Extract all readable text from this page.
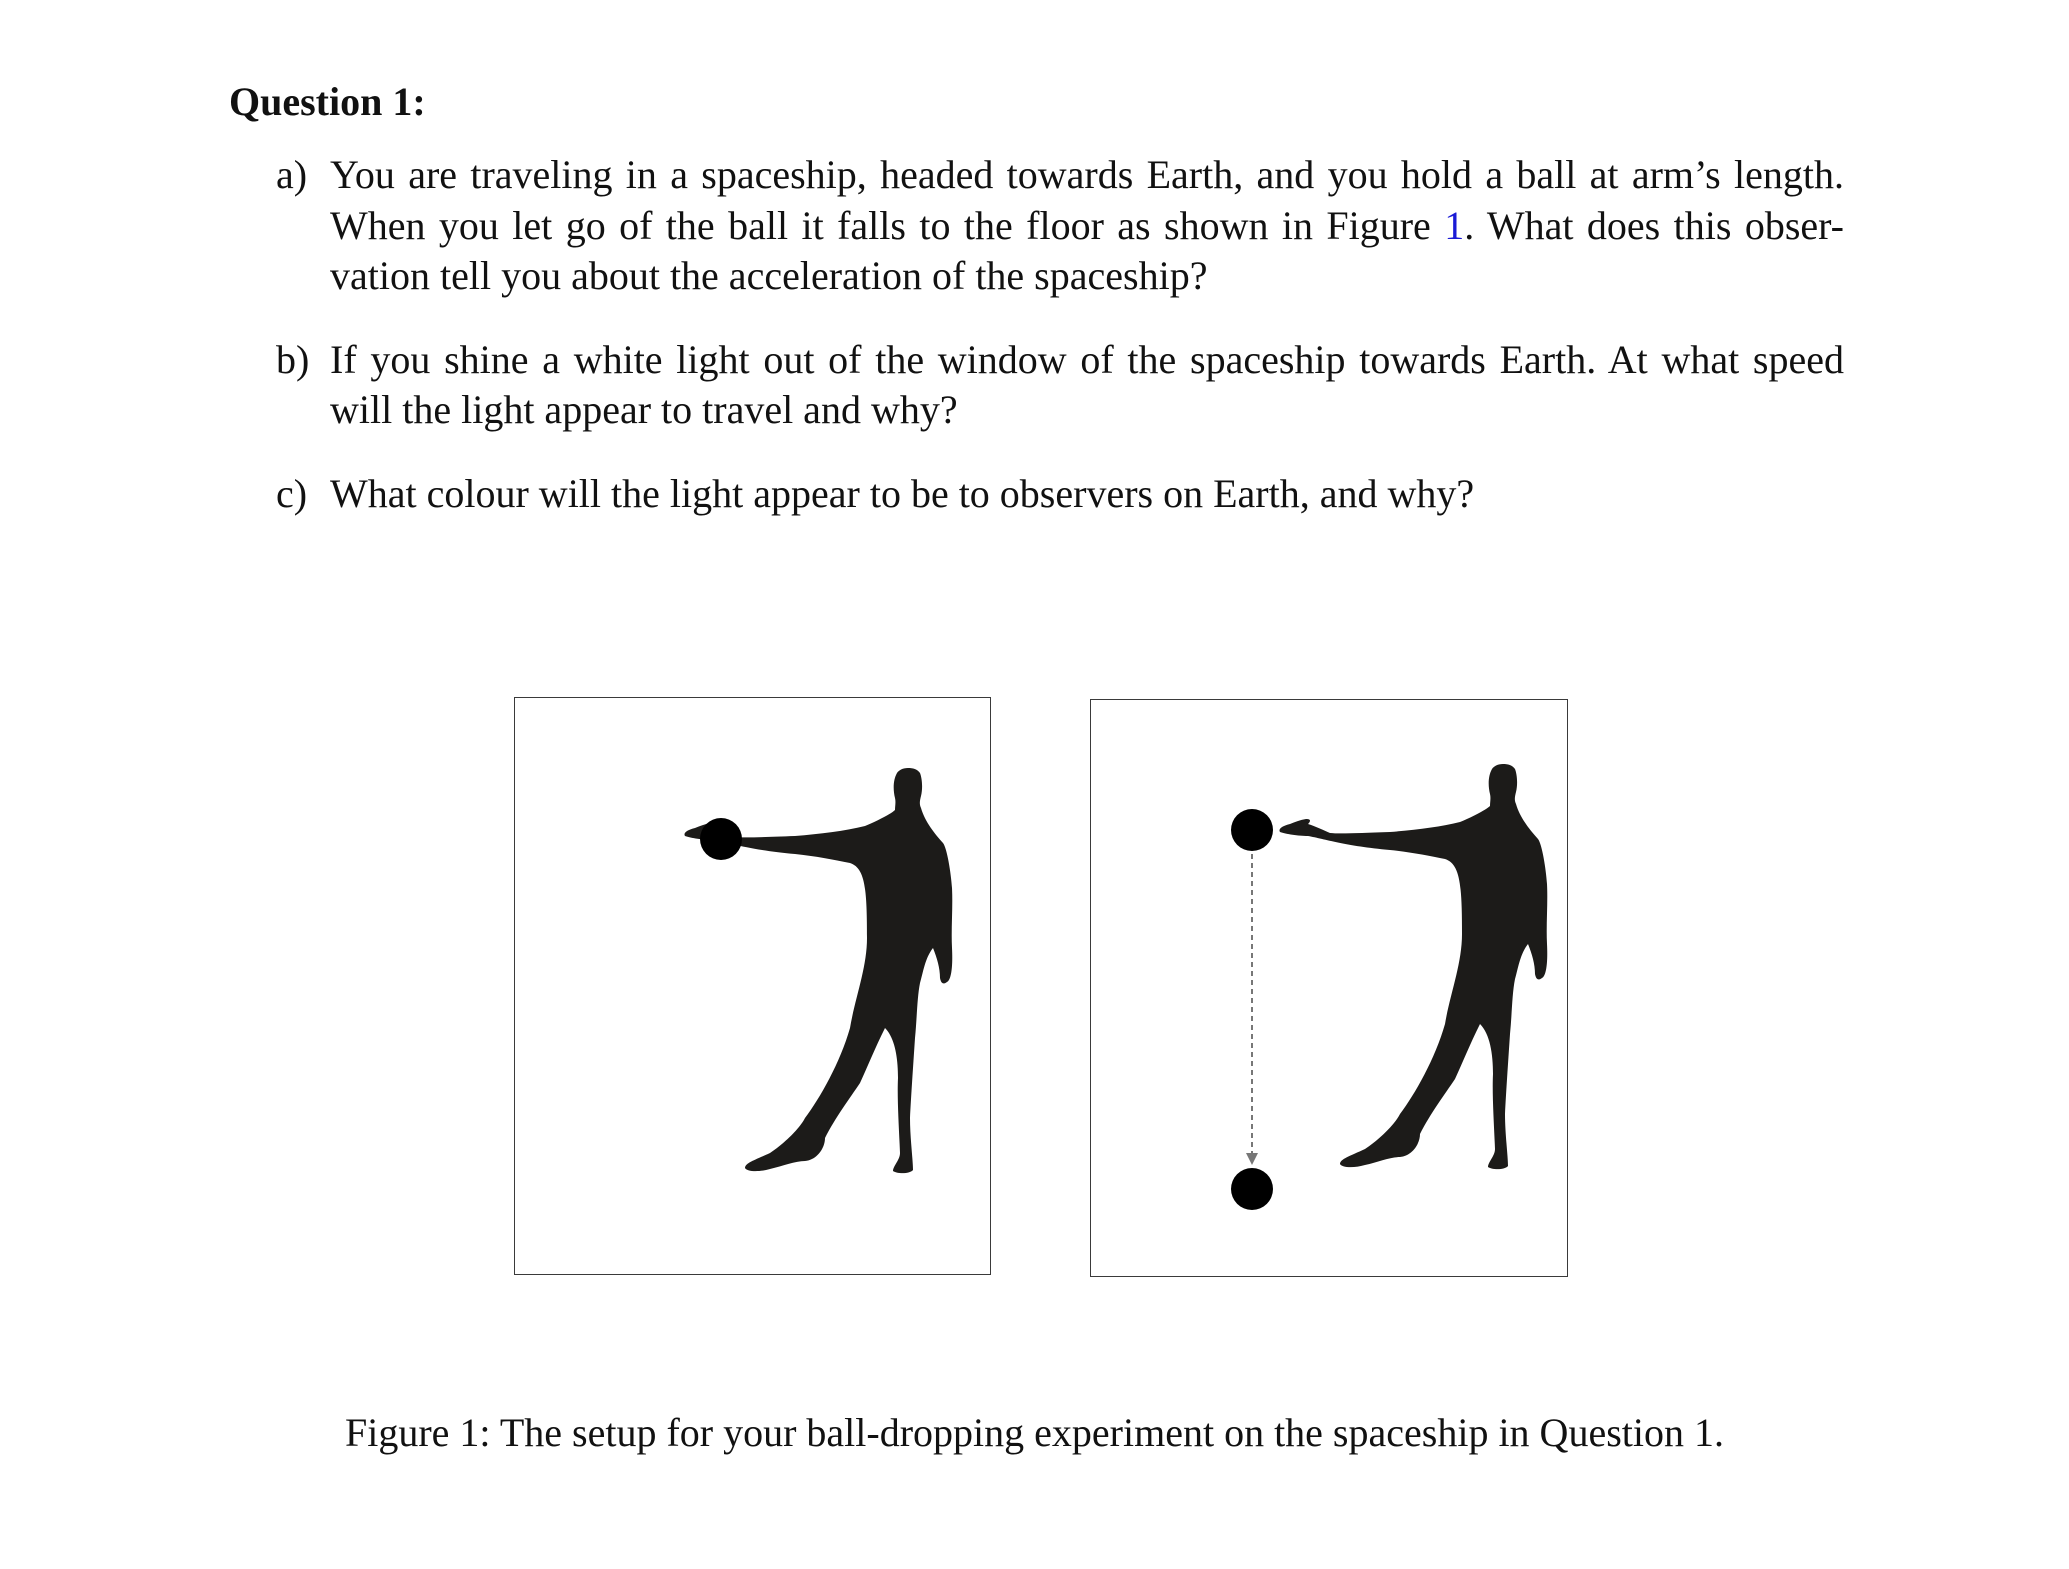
Question 1:
a) You are traveling in a spaceship, headed towards Earth, and you hold a ball at arm’s length.
When you let go of the ball it falls to the floor as shown in Figure 1. What does this obser-
vation tell you about the acceleration of the spaceship?
b) If you shine a white light out of the window of the spaceship towards Earth. At what speed
will the light appear to travel and why?
c) What colour will the light appear to be to observers on Earth, and why?
Figure 1: The setup for your ball-dropping experiment on the spaceship in Question 1.
